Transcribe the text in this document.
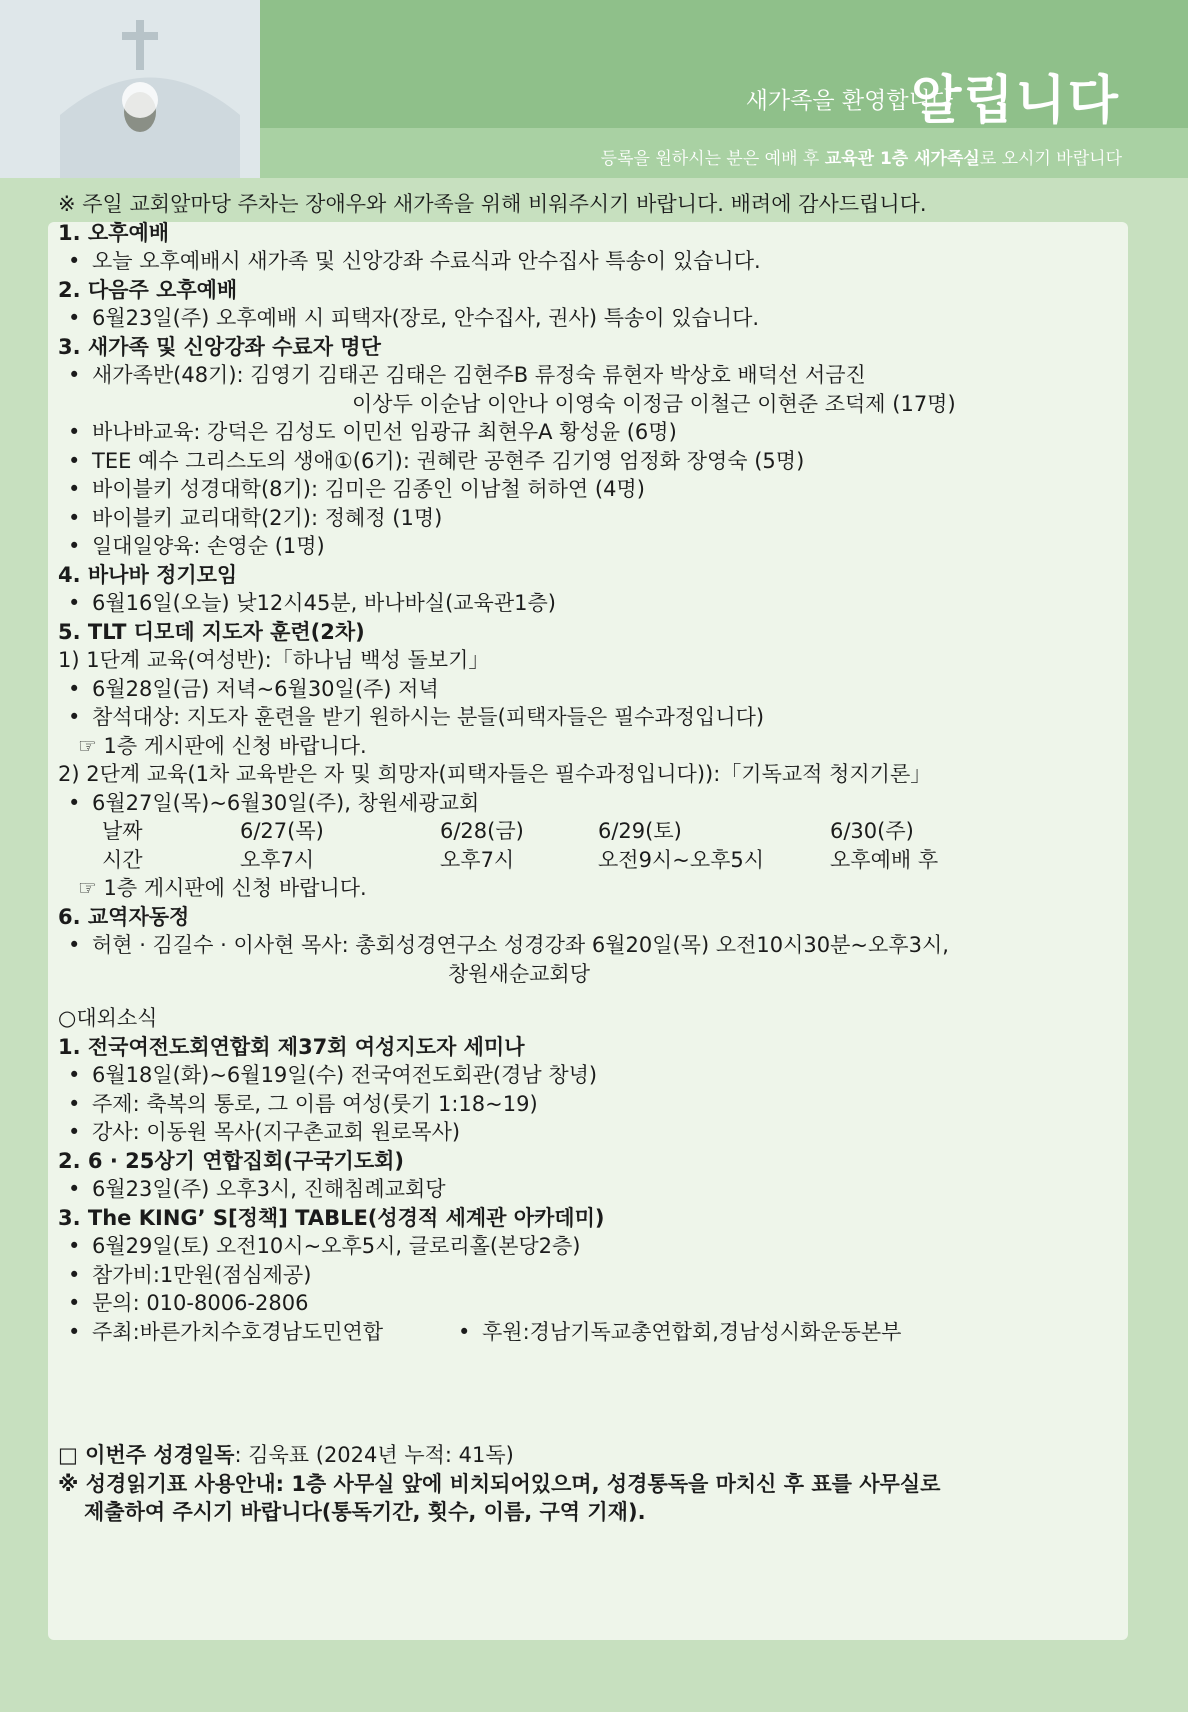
새가족을 환영합니다
알립니다
등록을 원하시는 분은 예배 후 교육관 1층 새가족실로 오시기 바랍니다
※ 주일 교회앞마당 주차는 장애우와 새가족을 위해 비워주시기 바랍니다. 배려에 감사드립니다.
1. 오후예배
• 오늘 오후예배시 새가족 및 신앙강좌 수료식과 안수집사 특송이 있습니다.
2. 다음주 오후예배
• 6월23일(주) 오후예배 시 피택자(장로, 안수집사, 권사) 특송이 있습니다.
3. 새가족 및 신앙강좌 수료자 명단
• 새가족반(48기): 김영기 김태곤 김태은 김현주B 류정숙 류현자 박상호 배덕선 서금진
이상두 이순남 이안나 이영숙 이정금 이철근 이현준 조덕제 (17명)
• 바나바교육: 강덕은 김성도 이민선 임광규 최현우A 황성윤 (6명)
• TEE 예수 그리스도의 생애①(6기): 권혜란 공현주 김기영 엄정화 장영숙 (5명)
• 바이블키 성경대학(8기): 김미은 김종인 이남철 허하연 (4명)
• 바이블키 교리대학(2기): 정혜정 (1명)
• 일대일양육: 손영순 (1명)
4. 바나바 정기모임
• 6월16일(오늘) 낮12시45분, 바나바실(교육관1층)
5. TLT 디모데 지도자 훈련(2차)
1) 1단계 교육(여성반):「하나님 백성 돌보기」
• 6월28일(금) 저녁~6월30일(주) 저녁
• 참석대상: 지도자 훈련을 받기 원하시는 분들(피택자들은 필수과정입니다)
☞ 1층 게시판에 신청 바랍니다.
2) 2단계 교육(1차 교육받은 자 및 희망자(피택자들은 필수과정입니다)):「기독교적 청지기론」
• 6월27일(목)~6월30일(주), 창원세광교회
날짜	6/27(목)	6/28(금)	6/29(토)	6/30(주)
시간	오후7시	오후7시	오전9시~오후5시	오후예배 후
☞ 1층 게시판에 신청 바랍니다.
6. 교역자동정
• 허현 · 김길수 · 이사현 목사: 총회성경연구소 성경강좌 6월20일(목) 오전10시30분~오후3시,
창원새순교회당
○대외소식
1. 전국여전도회연합회 제37회 여성지도자 세미나
• 6월18일(화)~6월19일(수) 전국여전도회관(경남 창녕)
• 주제: 축복의 통로, 그 이름 여성(룻기 1:18~19)
• 강사: 이동원 목사(지구촌교회 원로목사)
2. 6 · 25상기 연합집회(구국기도회)
• 6월23일(주) 오후3시, 진해침례교회당
3. The KING’ S[정책] TABLE(성경적 세계관 아카데미)
• 6월29일(토) 오전10시~오후5시, 글로리홀(본당2층)
• 참가비:1만원(점심제공)
• 문의: 010-8006-2806
• 주최:바른가치수호경남도민연합
•	후원:경남기독교총연합회,경남성시화운동본부
□ 이번주 성경일독: 김욱표 (2024년 누적: 41독)
※ 성경읽기표 사용안내: 1층 사무실 앞에 비치되어있으며, 성경통독을 마치신 후 표를 사무실로
제출하여 주시기 바랍니다(통독기간, 횟수, 이름, 구역 기재).
